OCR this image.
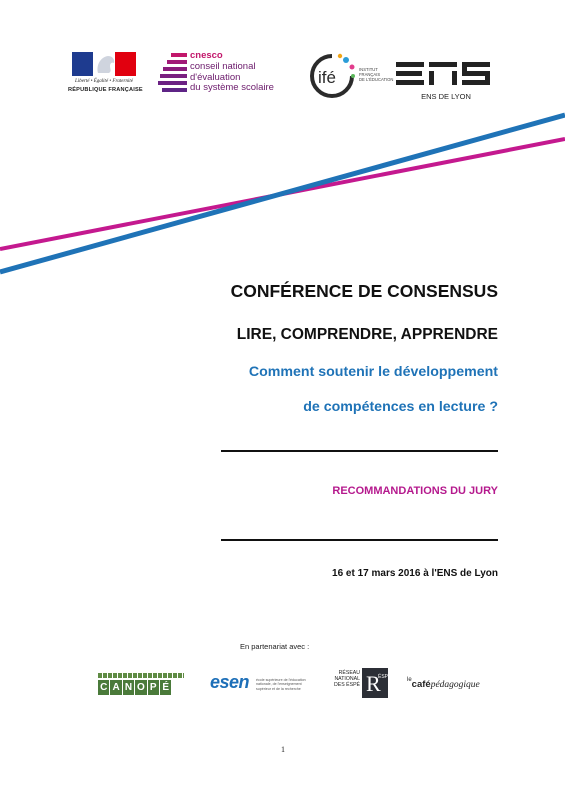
Liberté • Égalité • Fraternité
RÉPUBLIQUE FRANÇAISE
cnesco
conseil national
d'évaluation
du système scolaire
ifé	INSTITUT
FRANÇAIS
DE L'ÉDUCATION
ENS
ENS DE LYON
CONFÉRENCE DE CONSENSUS
LIRE, COMPRENDRE, APPRENDRE
Comment soutenir le développement
de compétences en lecture ?
RECOMMANDATIONS DU JURY
16 et 17 mars 2016 à l'ENS de Lyon
En partenariat avec :
C A N O P É esen école supérieure de l'éducation
nationale, de l'enseignement
supérieur et de la recherche
RÉSEAU
NATIONAL
DES ÉSPÉ R
ÉSPÉ	$^{le}$cafépédagogique
1
